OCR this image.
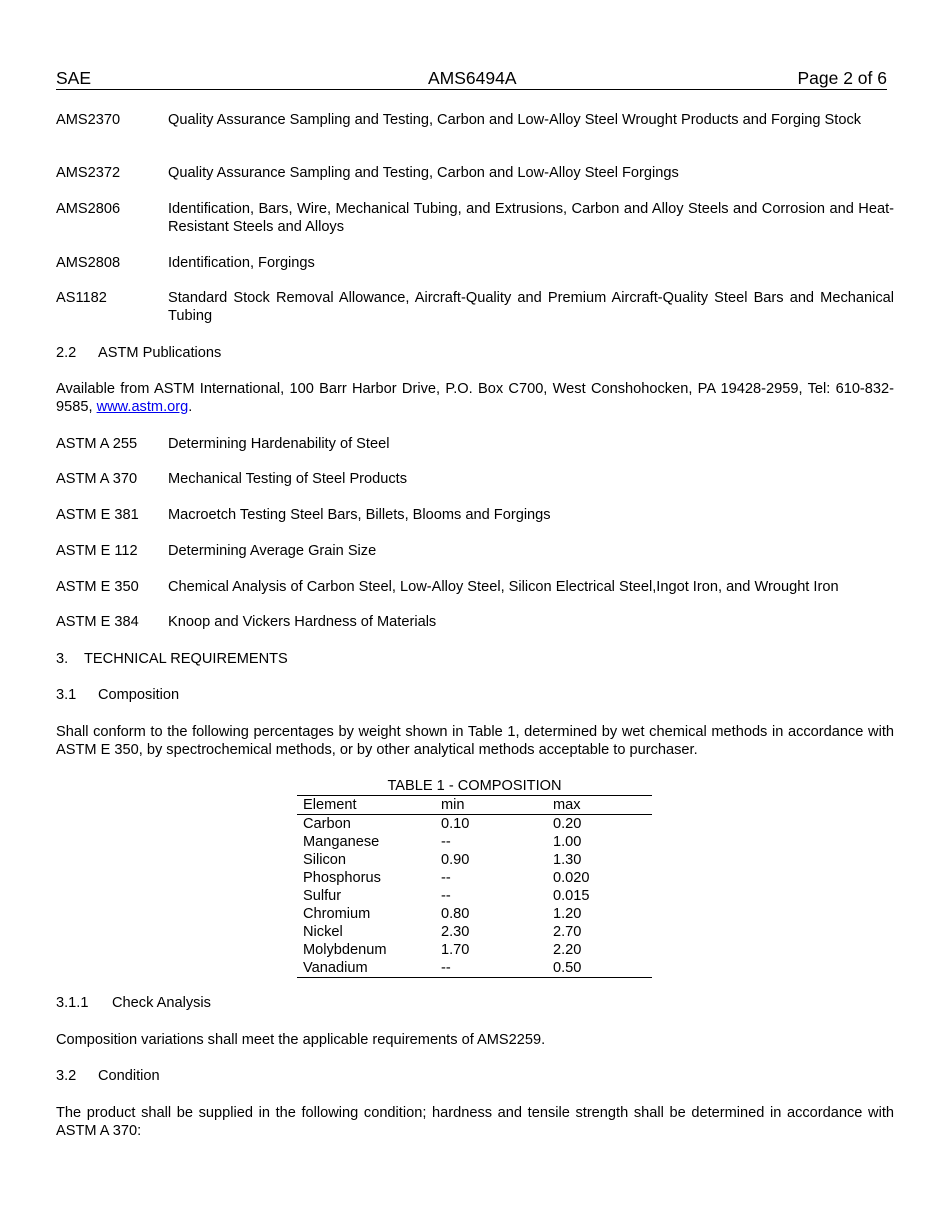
SAE	AMS6494A	Page 2 of 6
AMS2370	Quality Assurance Sampling and Testing, Carbon and Low-Alloy Steel Wrought Products and Forging Stock
AMS2372	Quality Assurance Sampling and Testing, Carbon and Low-Alloy Steel Forgings
AMS2806	Identification, Bars, Wire, Mechanical Tubing, and Extrusions, Carbon and Alloy Steels and Corrosion and Heat-Resistant Steels and Alloys
AMS2808	Identification, Forgings
AS1182	Standard Stock Removal Allowance, Aircraft-Quality and Premium Aircraft-Quality Steel Bars and Mechanical Tubing
2.2 ASTM Publications
Available from ASTM International, 100 Barr Harbor Drive, P.O. Box C700, West Conshohocken, PA 19428-2959, Tel: 610-832-9585, www.astm.org.
ASTM A 255	Determining Hardenability of Steel
ASTM A 370	Mechanical Testing of Steel Products
ASTM E 381	Macroetch Testing Steel Bars, Billets, Blooms and Forgings
ASTM E 112	Determining Average Grain Size
ASTM E 350	Chemical Analysis of Carbon Steel, Low-Alloy Steel, Silicon Electrical Steel,Ingot Iron, and Wrought Iron
ASTM E 384	Knoop and Vickers Hardness of Materials
3. TECHNICAL REQUIREMENTS
3.1 Composition
Shall conform to the following percentages by weight shown in Table 1, determined by wet chemical methods in accordance with ASTM E 350, by spectrochemical methods, or by other analytical methods acceptable to purchaser.
TABLE 1 - COMPOSITION
Element	min	max
Carbon	0.10	0.20
Manganese	--	1.00
Silicon	0.90	1.30
Phosphorus	--	0.020
Sulfur	--	0.015
Chromium	0.80	1.20
Nickel	2.30	2.70
Molybdenum	1.70	2.20
Vanadium	--	0.50
3.1.1 Check Analysis
Composition variations shall meet the applicable requirements of AMS2259.
3.2 Condition
The product shall be supplied in the following condition; hardness and tensile strength shall be determined in accordance with ASTM A 370:
